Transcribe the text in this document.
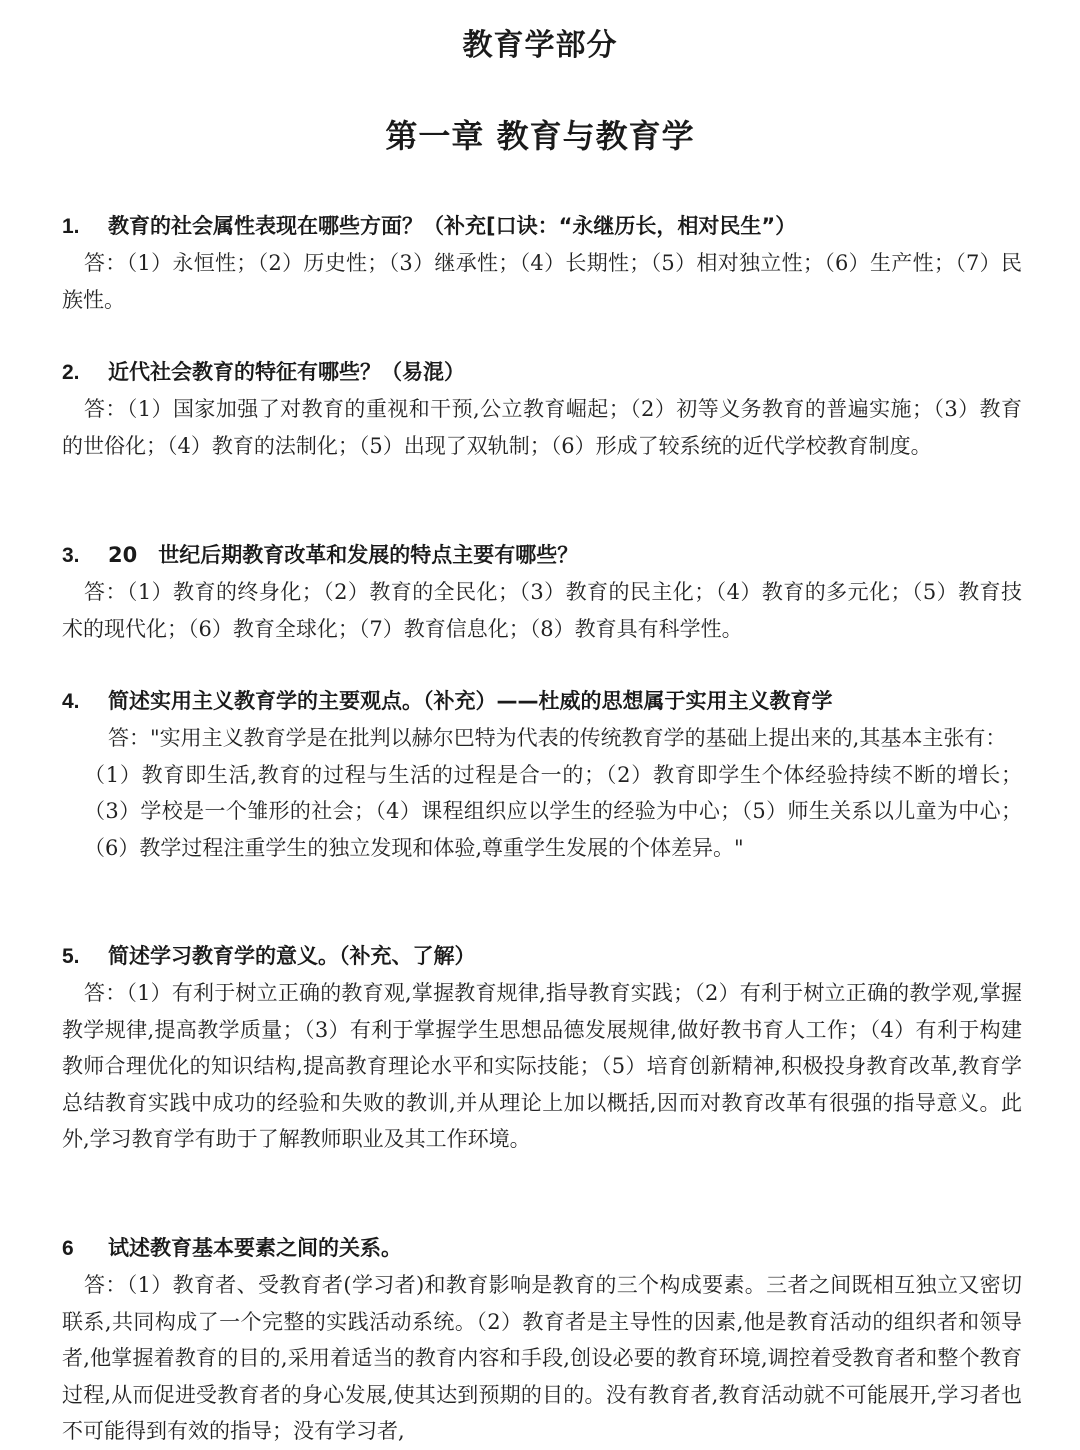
教育学部分
第一章 教育与教育学
1.	教育的社会属性表现在哪些方面？（补充[口诀：“永继历长，相对民生”）

答：（1）永恒性；（2）历史性；（3）继承性；（4）长期性；（5）相对独立性；（6）生产性；（7）民族性。

2.	近代社会教育的特征有哪些？（易混）

答：（1）国家加强了对教育的重视和干预,公立教育崛起；（2）初等义务教育的普遍实施；（3）教育的世俗化；（4）教育的法制化；（5）出现了双轨制；（6）形成了较系统的近代学校教育制度。

3.	20　世纪后期教育改革和发展的特点主要有哪些？

答：（1）教育的终身化；（2）教育的全民化；（3）教育的民主化；（4）教育的多元化；（5）教育技术的现代化；（6）教育全球化；（7）教育信息化；（8）教育具有科学性。

4.	简述实用主义教育学的主要观点。（补充）——杜威的思想属于实用主义教育学

答："实用主义教育学是在批判以赫尔巴特为代表的传统教育学的基础上提出来的,其基本主张有：

（1）教育即生活,教育的过程与生活的过程是合一的；（2）教育即学生个体经验持续不断的增长；（3）学校是一个雏形的社会；（4）课程组织应以学生的经验为中心；（5）师生关系以儿童为中心；（6）教学过程注重学生的独立发现和体验,尊重学生发展的个体差异。"

5.	简述学习教育学的意义。（补充、了解）

答：（1）有利于树立正确的教育观,掌握教育规律,指导教育实践；（2）有利于树立正确的教学观,掌握教学规律,提高教学质量；（3）有利于掌握学生思想品德发展规律,做好教书育人工作；（4）有利于构建教师合理优化的知识结构,提高教育理论水平和实际技能；（5）培育创新精神,积极投身教育改革,教育学总结教育实践中成功的经验和失败的教训,并从理论上加以概括,因而对教育改革有很强的指导意义。此外,学习教育学有助于了解教师职业及其工作环境。

6	试述教育基本要素之间的关系。

答：（1）教育者、受教育者(学习者)和教育影响是教育的三个构成要素。三者之间既相互独立又密切联系,共同构成了一个完整的实践活动系统。（2）教育者是主导性的因素,他是教育活动的组织者和领导者,他掌握着教育的目的,采用着适当的教育内容和手段,创设必要的教育环境,调控着受教育者和整个教育过程,从而促进受教育者的身心发展,使其达到预期的目的。没有教育者,教育活动就不可能展开,学习者也不可能得到有效的指导；没有学习者,
